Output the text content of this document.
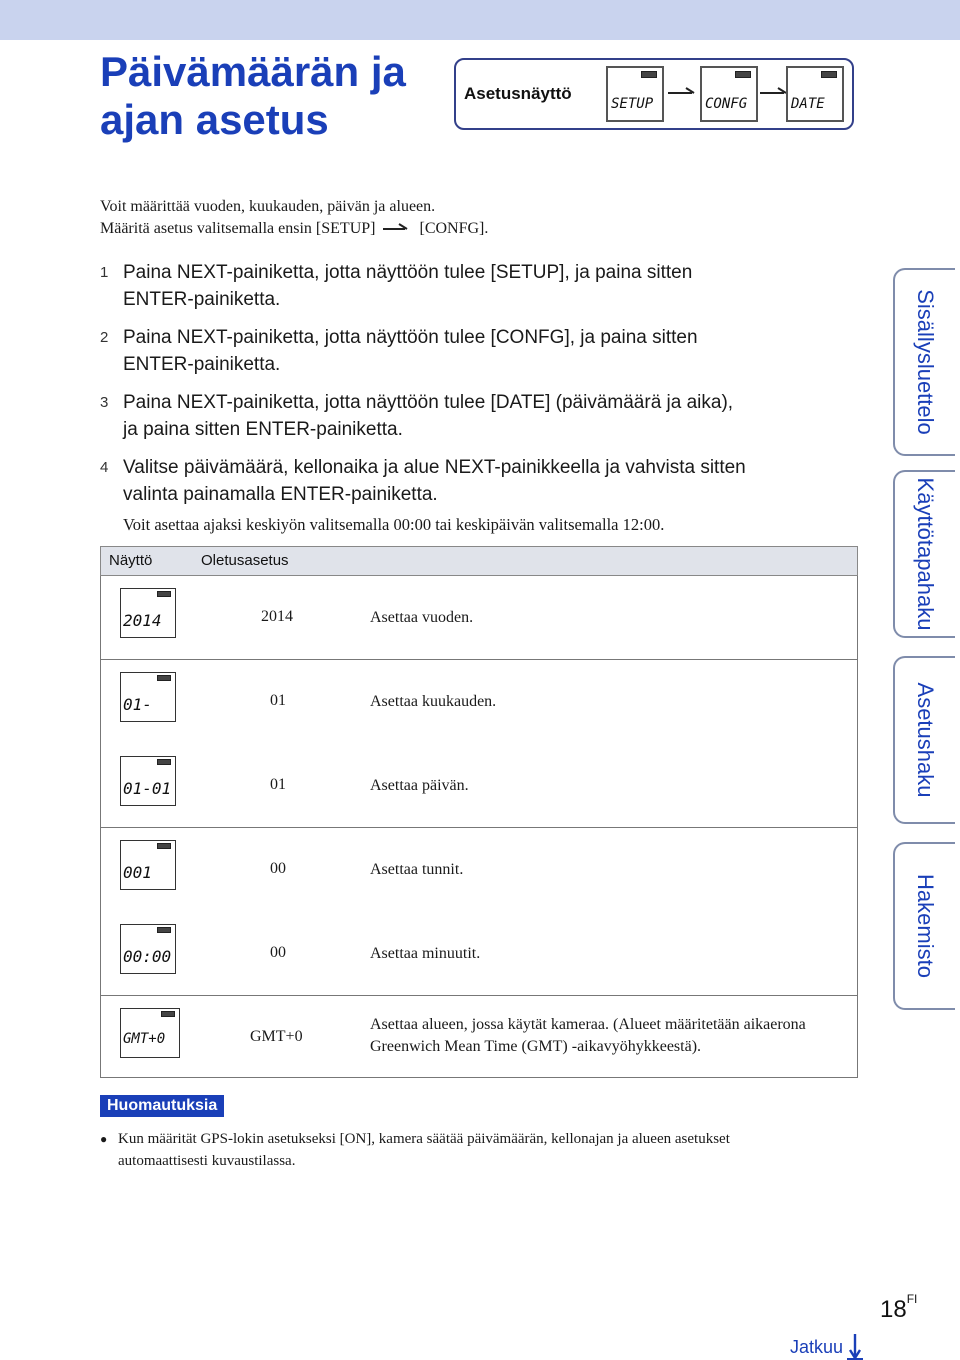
Päivämäärän ja
ajan asetus
Asetusnäyttö
SETUP	CONFG	DATE
Voit määrittää vuoden, kuukauden, päivän ja alueen.
Määritä asetus valitsemalla ensin [SETUP]	[CONFG].
1 Paina NEXT-painiketta, jotta näyttöön tulee [SETUP], ja paina sitten
ENTER-painiketta.
2 Paina NEXT-painiketta, jotta näyttöön tulee [CONFG], ja paina sitten
ENTER-painiketta.
3 Paina NEXT-painiketta, jotta näyttöön tulee [DATE] (päivämäärä ja aika),
ja paina sitten ENTER-painiketta.
4 Valitse päivämäärä, kellonaika ja alue NEXT-painikkeella ja vahvista sitten
valinta painamalla ENTER-painiketta.
Voit asettaa ajaksi keskiyön valitsemalla 00:00 tai keskipäivän valitsemalla 12:00.
Näyttö	Oletusasetus
2014	2014	Asettaa vuoden.
01-	01	Asettaa kuukauden.
01-01	01	Asettaa päivän.
001	00	Asettaa tunnit.
00:00	00	Asettaa minuutit.
GMT+0	GMT+0
Asettaa alueen, jossa käytät kameraa. (Alueet määritetään aikaerona
Greenwich Mean Time (GMT) -aikavyöhykkeestä).
Huomautuksia
● Kun määrität GPS-lokin asetukseksi [ON], kamera säätää päivämäärän, kellonajan ja alueen asetukset
automaattisesti kuvaustilassa.
Sisällysluettelo
Käyttötapahaku
Asetushaku
Hakemisto
$18^{FI}$
Jatkuu
